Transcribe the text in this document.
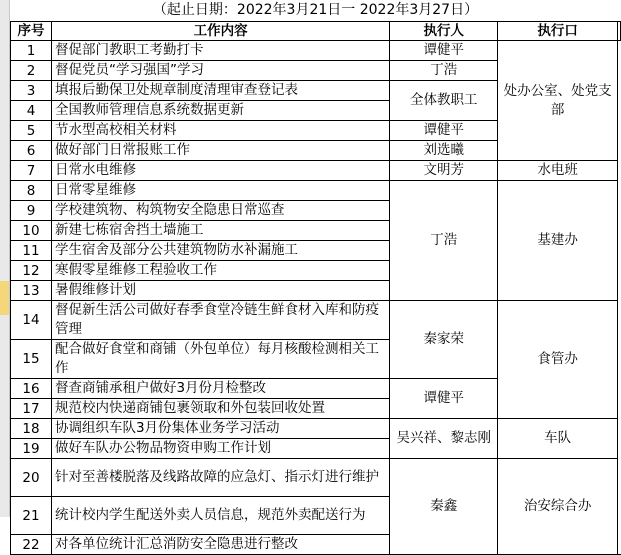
（起止日期：2022年3月21日一 2022年3月27日）
序号	工作内容	执行人	执行口	
1	督促部门教职工考勤打卡	谭健平	处办公室、处党支部	
2	督促党员“学习强国”学习	丁浩		
3	填报后勤保卫处规章制度清理审查登记表	全体教职工		
4	全国教师管理信息系统数据更新			
5	节水型高校相关材料	谭健平		
6	做好部门日常报账工作	刘选曦		
7	日常水电维修	文明芳	水电班	
8	日常零星维修	丁浩	基建办	
9	学校建筑物、构筑物安全隐患日常巡查			
10	新建七栋宿舍挡土墙施工			
11	学生宿舍及部分公共建筑物防水补漏施工			
12	寒假零星维修工程验收工作			
13	暑假维修计划			
14	督促新生活公司做好春季食堂冷链生鲜食材入库和防疫管理	秦家荣	食管办	
15	配合做好食堂和商铺（外包单位）每月核酸检测相关工作			
16	督查商铺承租户做好3月份月检整改	谭健平		
17	规范校内快递商铺包裹领取和外包装回收处置			
18	协调组织车队3月份集体业务学习活动	吴兴祥、黎志刚	车队	
19	做好车队办公物品物资申购工作计划			
20	针对至善楼脱落及线路故障的应急灯、指示灯进行维护	秦鑫	治安综合办	
21	统计校内学生配送外卖人员信息，规范外卖配送行为			
22	对各单位统计汇总消防安全隐患进行整改			
